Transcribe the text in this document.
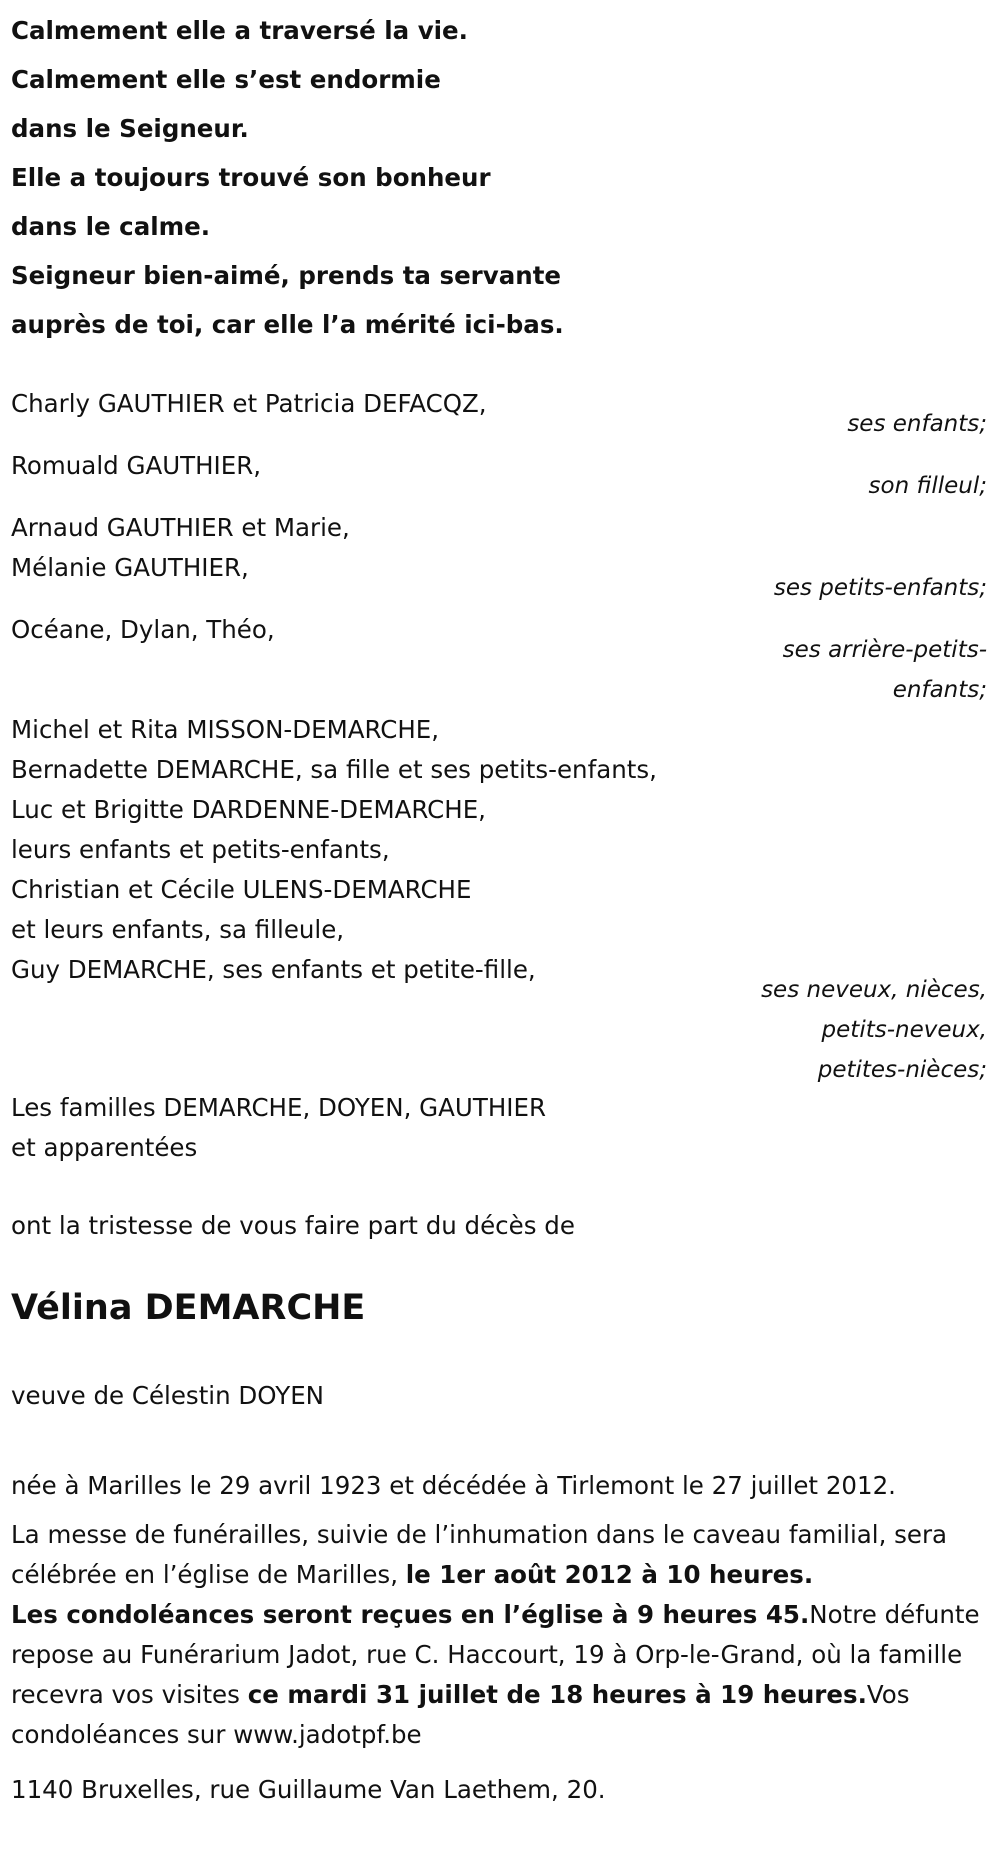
Calmement elle a traversé la vie.
Calmement elle s’est endormie
dans le Seigneur.
Elle a toujours trouvé son bonheur
dans le calme.
Seigneur bien-aimé, prends ta servante
auprès de toi, car elle l’a mérité ici-bas.
Charly GAUTHIER et Patricia DEFACQZ,
ses enfants;
Romuald GAUTHIER,
son filleul;
Arnaud GAUTHIER et Marie,
Mélanie GAUTHIER,
ses petits-enfants;
Océane, Dylan, Théo,
ses arrière-petits-
enfants;
Michel et Rita MISSON-DEMARCHE,
Bernadette DEMARCHE, sa fille et ses petits-enfants,
Luc et Brigitte DARDENNE-DEMARCHE,
leurs enfants et petits-enfants,
Christian et Cécile ULENS-DEMARCHE
et leurs enfants, sa filleule,
Guy DEMARCHE, ses enfants et petite-fille,
ses neveux, nièces,
petits-neveux,
petites-nièces;
Les familles DEMARCHE, DOYEN, GAUTHIER
et apparentées
ont la tristesse de vous faire part du décès de
Vélina DEMARCHE
veuve de Célestin DOYEN
née à Marilles le 29 avril 1923 et décédée à Tirlemont le 27 juillet 2012.
La messe de funérailles, suivie de l’inhumation dans le caveau familial, sera célébrée en l’église de Marilles, le 1er août 2012 à 10 heures.
Les condoléances seront reçues en l’église à 9 heures 45.Notre défunte repose au Funérarium Jadot, rue C. Haccourt, 19 à Orp-le-Grand, où la famille recevra vos visites ce mardi 31 juillet de 18 heures à 19 heures.Vos condoléances sur www.jadotpf.be
1140 Bruxelles, rue Guillaume Van Laethem, 20.
